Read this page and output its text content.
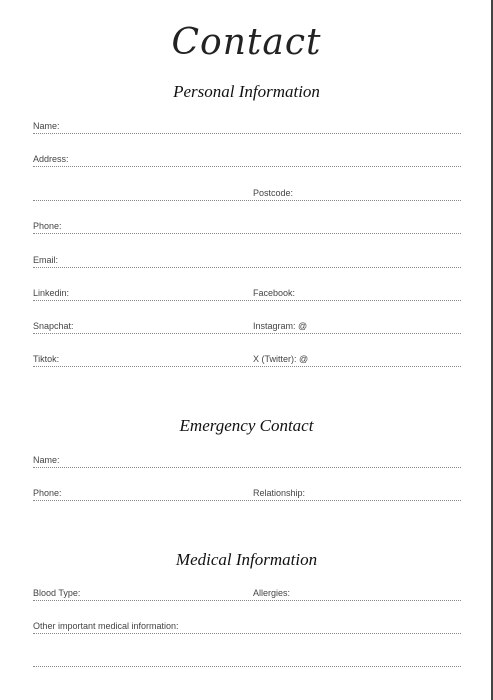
Contact
Personal Information
Name:
Address:
Postcode:
Phone:
Email:
Linkedin:	Facebook:
Snapchat:	Instagram: @
Tiktok:	X (Twitter): @
Emergency Contact
Name:
Phone:	Relationship:
Medical Information
Blood Type:	Allergies:
Other important medical information:
